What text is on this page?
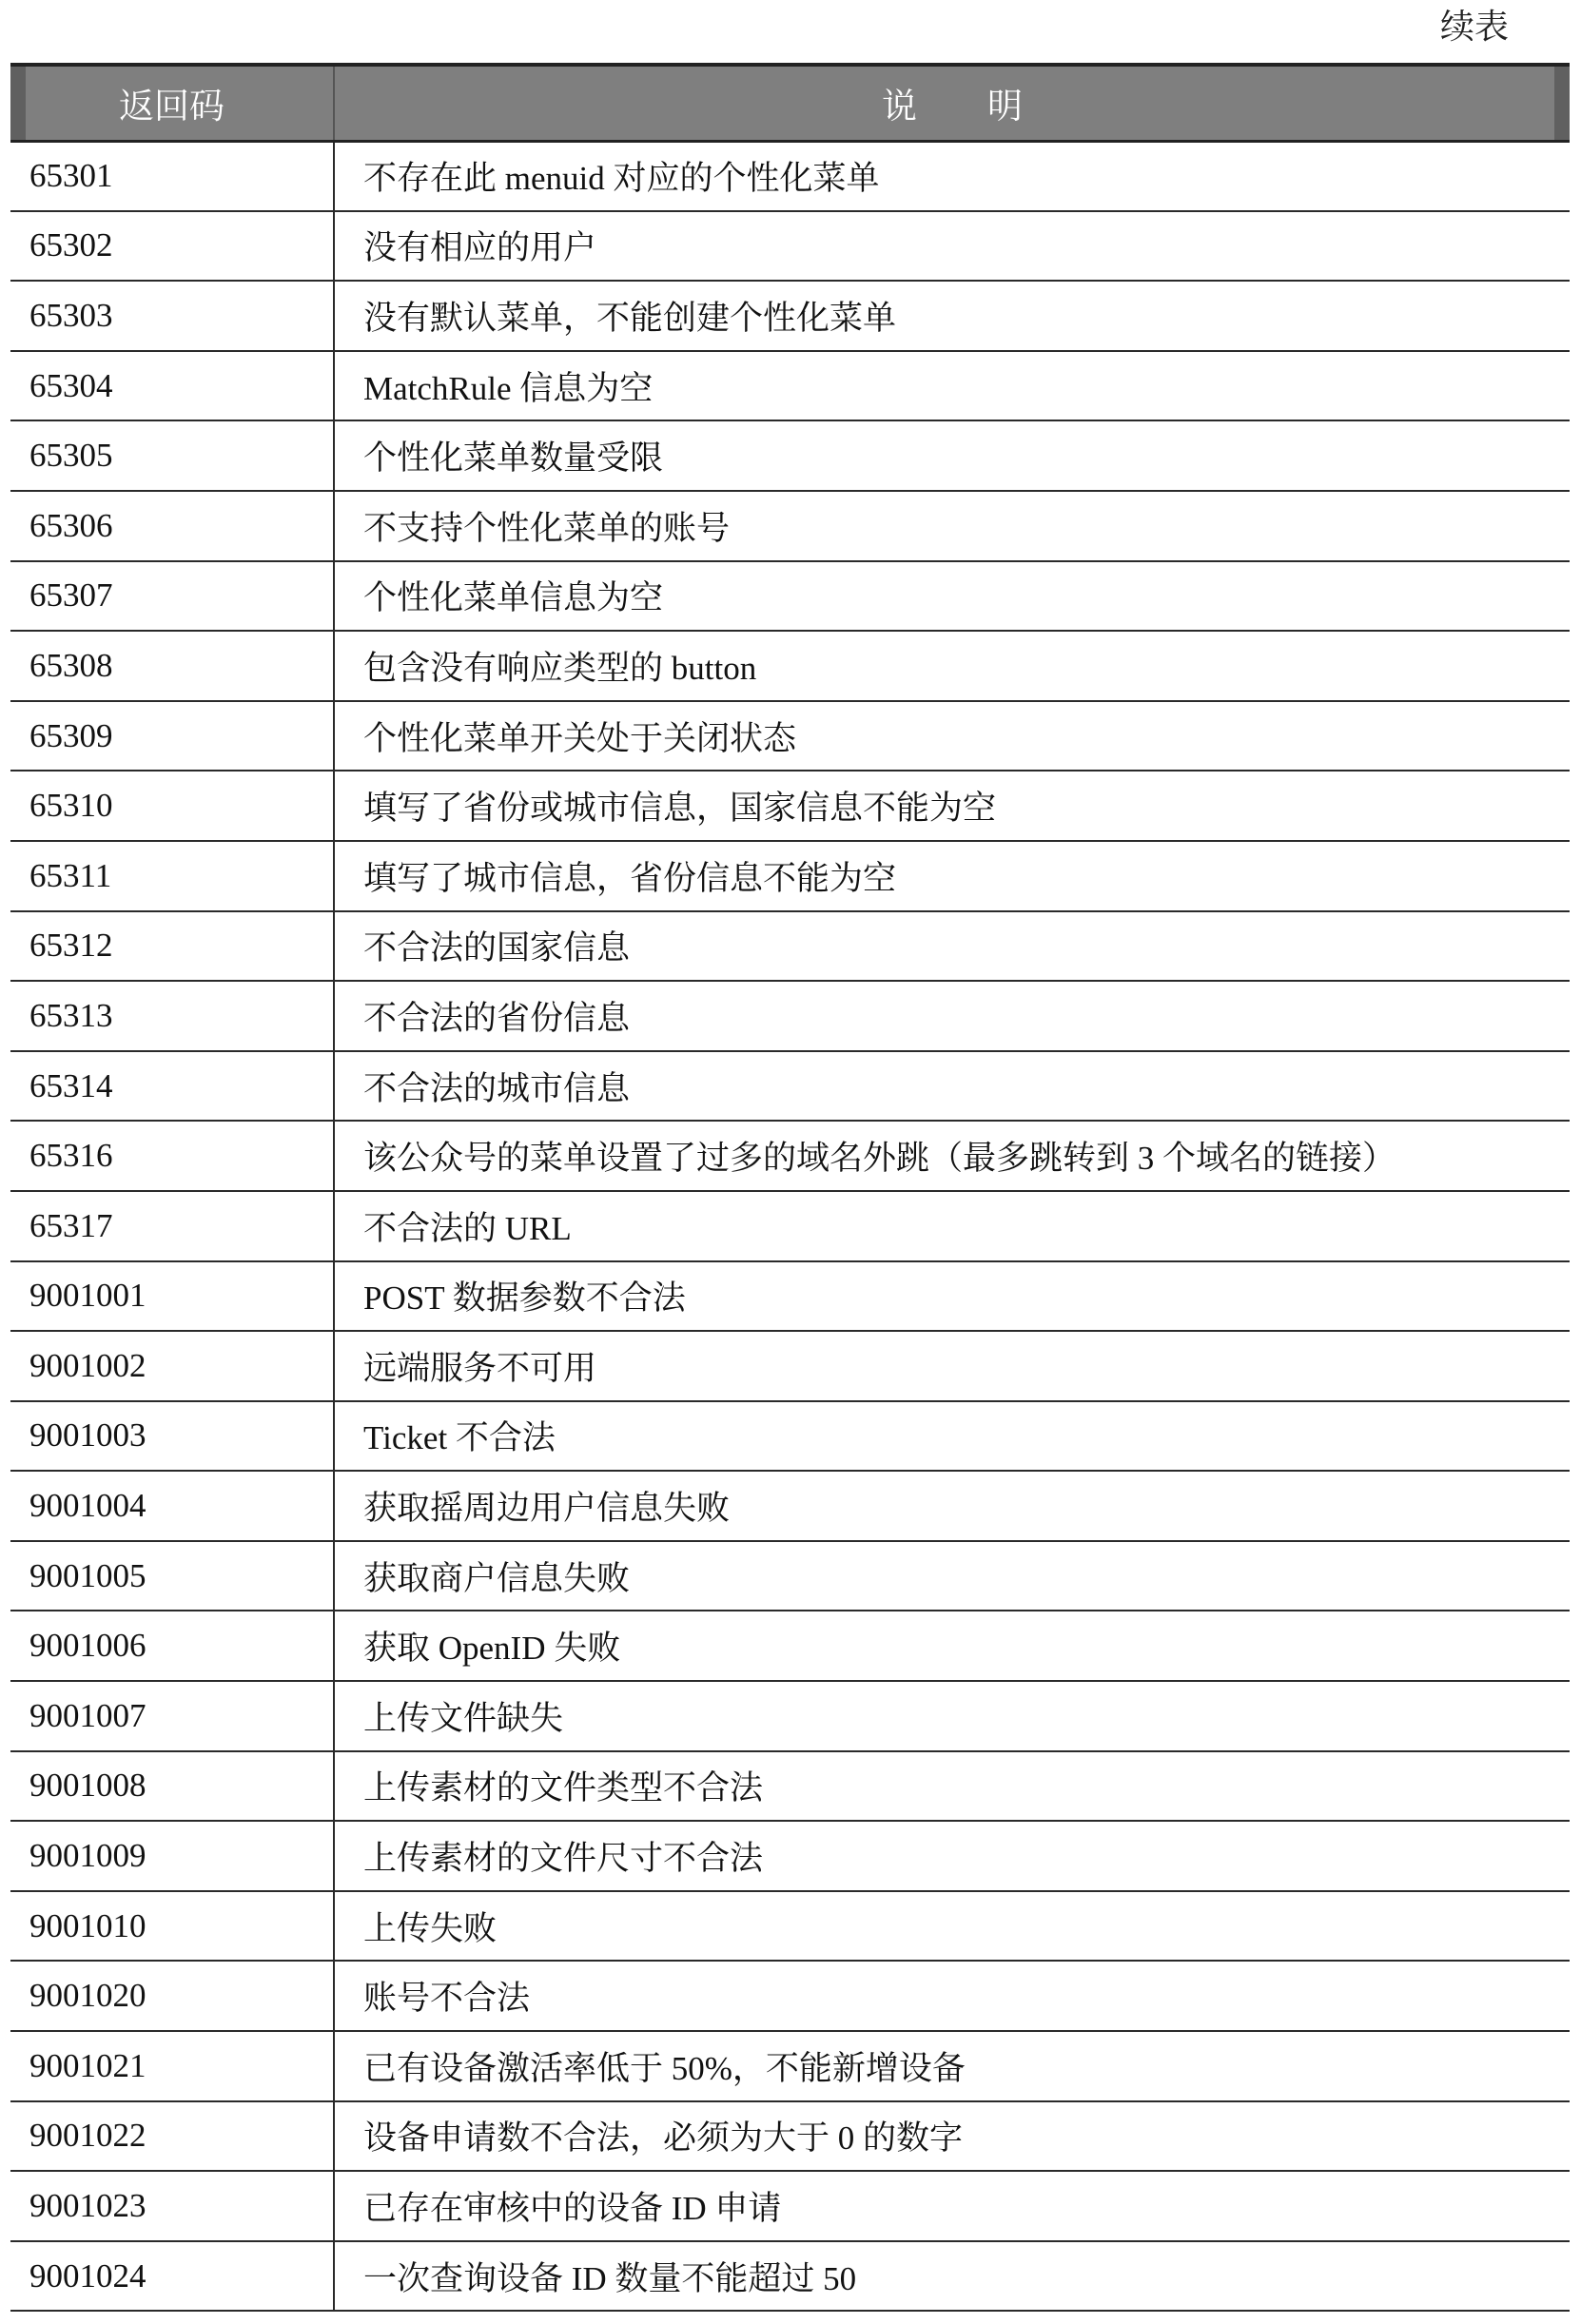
续表
返回码	说　　明
65301	不存在此 menuid 对应的个性化菜单
65302	没有相应的用户
65303	没有默认菜单，不能创建个性化菜单
65304	MatchRule 信息为空
65305	个性化菜单数量受限
65306	不支持个性化菜单的账号
65307	个性化菜单信息为空
65308	包含没有响应类型的 button
65309	个性化菜单开关处于关闭状态
65310	填写了省份或城市信息，国家信息不能为空
65311	填写了城市信息，省份信息不能为空
65312	不合法的国家信息
65313	不合法的省份信息
65314	不合法的城市信息
65316	该公众号的菜单设置了过多的域名外跳（最多跳转到 3 个域名的链接）
65317	不合法的 URL
9001001	POST 数据参数不合法
9001002	远端服务不可用
9001003	Ticket 不合法
9001004	获取摇周边用户信息失败
9001005	获取商户信息失败
9001006	获取 OpenID 失败
9001007	上传文件缺失
9001008	上传素材的文件类型不合法
9001009	上传素材的文件尺寸不合法
9001010	上传失败
9001020	账号不合法
9001021	已有设备激活率低于 50%，不能新增设备
9001022	设备申请数不合法，必须为大于 0 的数字
9001023	已存在审核中的设备 ID 申请
9001024	一次查询设备 ID 数量不能超过 50
